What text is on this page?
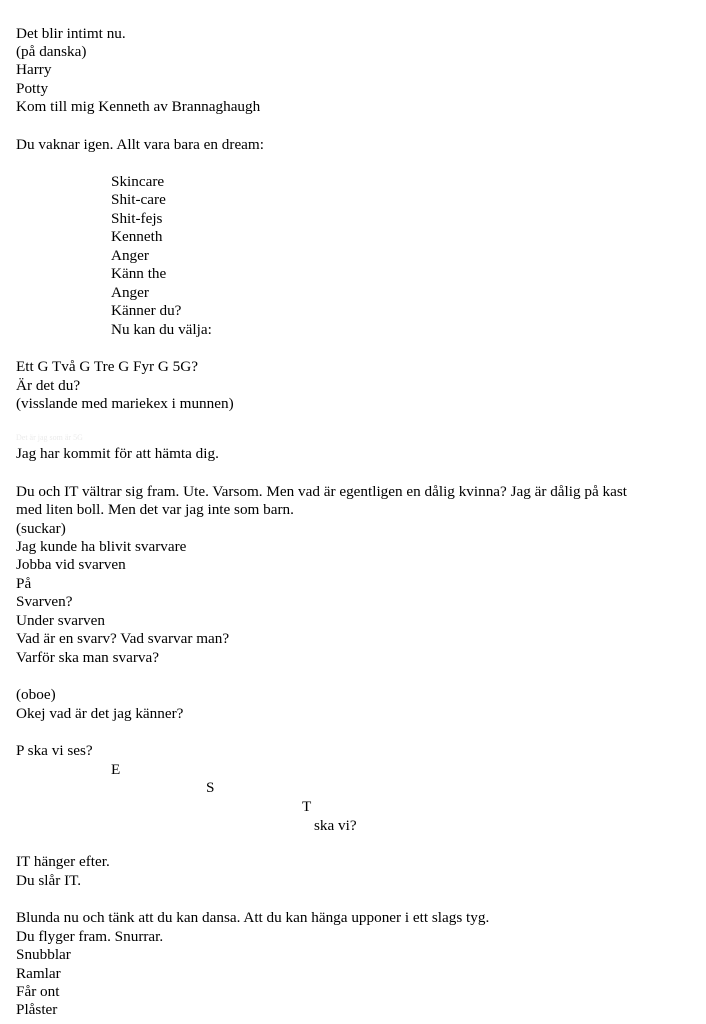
Det blir intimt nu.
(på danska)
Harry
Potty
Kom till mig Kenneth av Brannaghaugh
Du vaknar igen. Allt vara bara en dream:
Skincare
Shit-care
Shit-fejs
Kenneth
Anger
Känn the
Anger
Känner du?
Nu kan du välja:
Ett G Två G Tre G Fyr G 5G?
Är det du?
(visslande med mariekex i munnen)
Det är jag som är 5G
Jag har kommit för att hämta dig.
Du och IT vältrar sig fram. Ute. Varsom. Men vad är egentligen en dålig kvinna? Jag är dålig på kast
med liten boll. Men det var jag inte som barn.
(suckar)
Jag kunde ha blivit svarvare
Jobba vid svarven
På
Svarven?
Under svarven
Vad är en svarv? Vad svarvar man?
Varför ska man svarva?
(oboe)
Okej vad är det jag känner?
P ska vi ses?
E
S
T
ska vi?
IT hänger efter.
Du slår IT.
Blunda nu och tänk att du kan dansa. Att du kan hänga upponer i ett slags tyg.
Du flyger fram. Snurrar.
Snubblar
Ramlar
Får ont
Plåster
